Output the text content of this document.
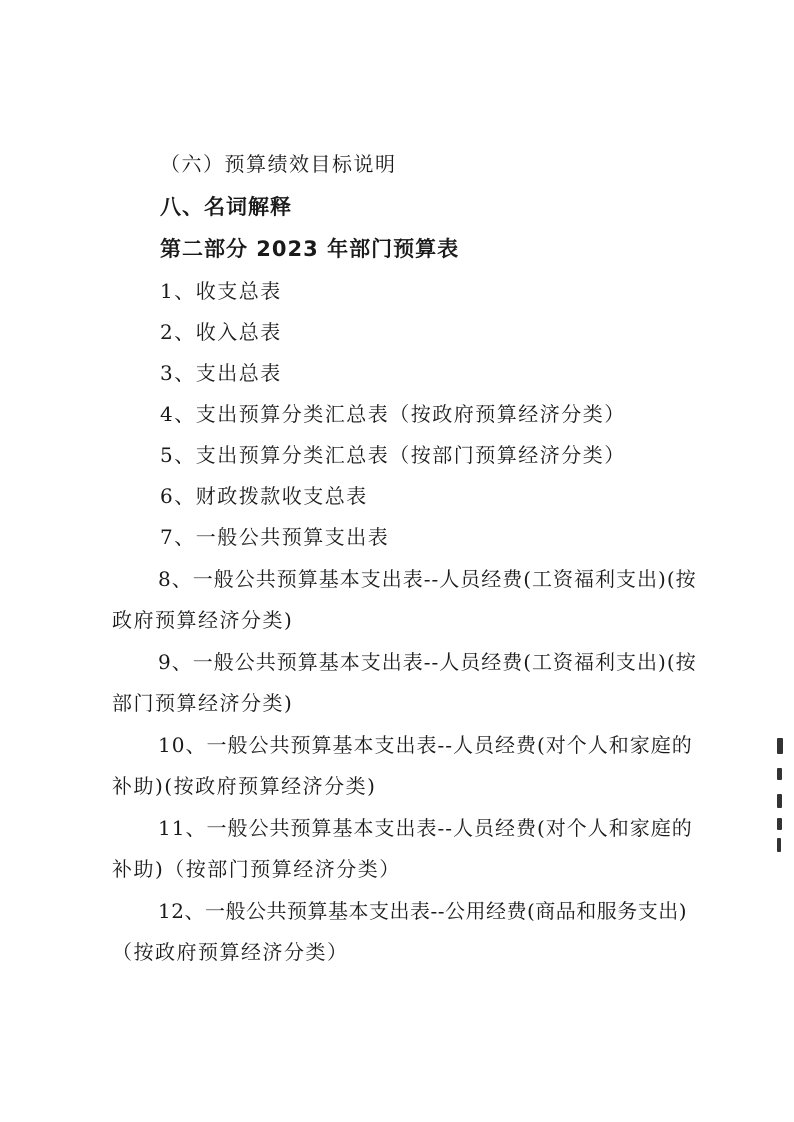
（六）预算绩效目标说明
八、名词解释
第二部分 2023 年部门预算表
1、收支总表
2、收入总表
3、支出总表
4、支出预算分类汇总表（按政府预算经济分类）
5、支出预算分类汇总表（按部门预算经济分类）
6、财政拨款收支总表
7、一般公共预算支出表
8、一般公共预算基本支出表--人员经费(工资福利支出)(按
政府预算经济分类)
9、一般公共预算基本支出表--人员经费(工资福利支出)(按
部门预算经济分类)
10、一般公共预算基本支出表--人员经费(对个人和家庭的
补助)(按政府预算经济分类)
11、一般公共预算基本支出表--人员经费(对个人和家庭的
补助)（按部门预算经济分类）
12、一般公共预算基本支出表--公用经费(商品和服务支出)
（按政府预算经济分类）
